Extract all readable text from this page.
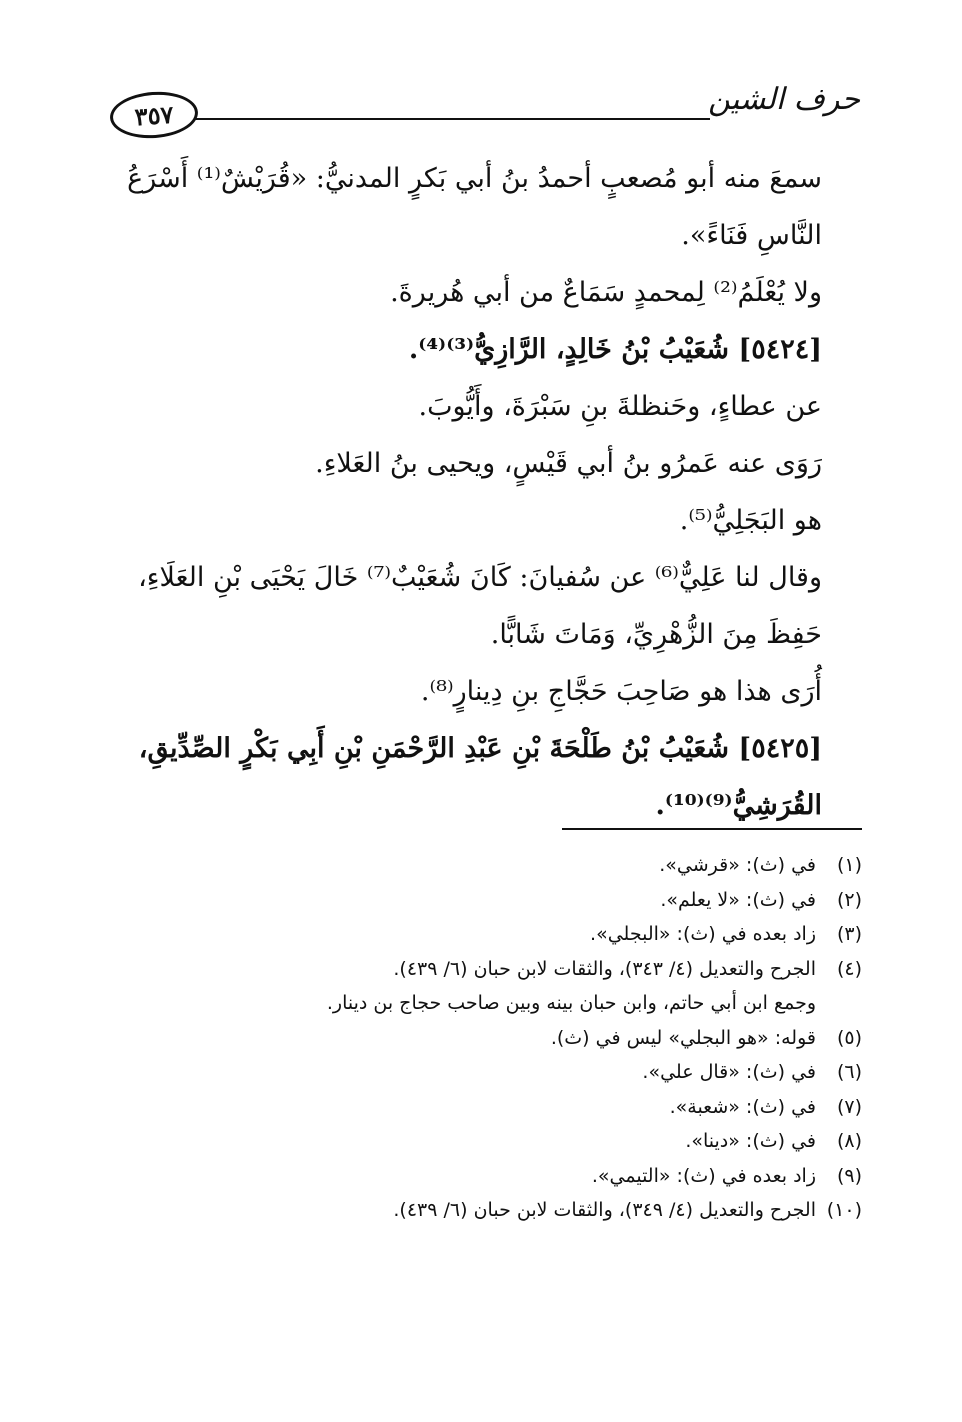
حرف الشين
٣٥٧

سمعَ منه أبو مُصعبٍ أحمدُ بنُ أبي بَكرٍ المدنيُّ: «قُرَيْشٌ⁽¹⁾ أَسْرَعُ النَّاسِ فَنَاءً».

ولا يُعْلَمُ⁽²⁾ لِمحمدٍ سَمَاعٌ من أبي هُريرةَ.

[٥٤٢٤] شُعَيْبُ بْنُ خَالِدٍ، الرَّازِيُّ⁽³⁾⁽⁴⁾.

عن عطاءٍ، وحَنظلةَ بنِ سَبْرَةَ، وأَيُّوبَ.

رَوَى عنه عَمرُو بنُ أبي قَيْسٍ، ويحيى بنُ العَلاءِ.

هو البَجَلِيُّ⁽⁵⁾.

وقال لنا عَلِيٌّ⁽⁶⁾ عن سُفيانَ: كَانَ شُعَيْبٌ⁽⁷⁾ خَالَ يَحْيَى بْنِ العَلَاءِ، حَفِظَ مِنَ الزُّهْرِيِّ، وَمَاتَ شَابًّا.

أُرَى هذا هو صَاحِبَ حَجَّاجِ بنِ دِينارٍ⁽⁸⁾.

[٥٤٢٥] شُعَيْبُ بْنُ طَلْحَةَ بْنِ عَبْدِ الرَّحْمَنِ بْنِ أَبِي بَكْرٍ الصِّدِّيقِ، القُرَشِيُّ⁽⁹⁾⁽¹⁰⁾.

(١)
في (ث): «قرشي».
(٢)
في (ث): «لا يعلم».
(٣)
زاد بعده في (ث): «البجلي».
(٤)
الجرح والتعديل (٤/ ٣٤٣)، والثقات لابن حبان (٦/ ٤٣٩).
وجمع ابن أبي حاتم، وابن حبان بينه وبين صاحب حجاج بن دينار.
(٥)
قوله: «هو البجلي» ليس في (ث).
(٦)
في (ث): «قال علي».
(٧)
في (ث): «شعبة».
(٨)
في (ث): «دينا».
(٩)
زاد بعده في (ث): «التيمي».
(١٠)
الجرح والتعديل (٤/ ٣٤٩)، والثقات لابن حبان (٦/ ٤٣٩).
